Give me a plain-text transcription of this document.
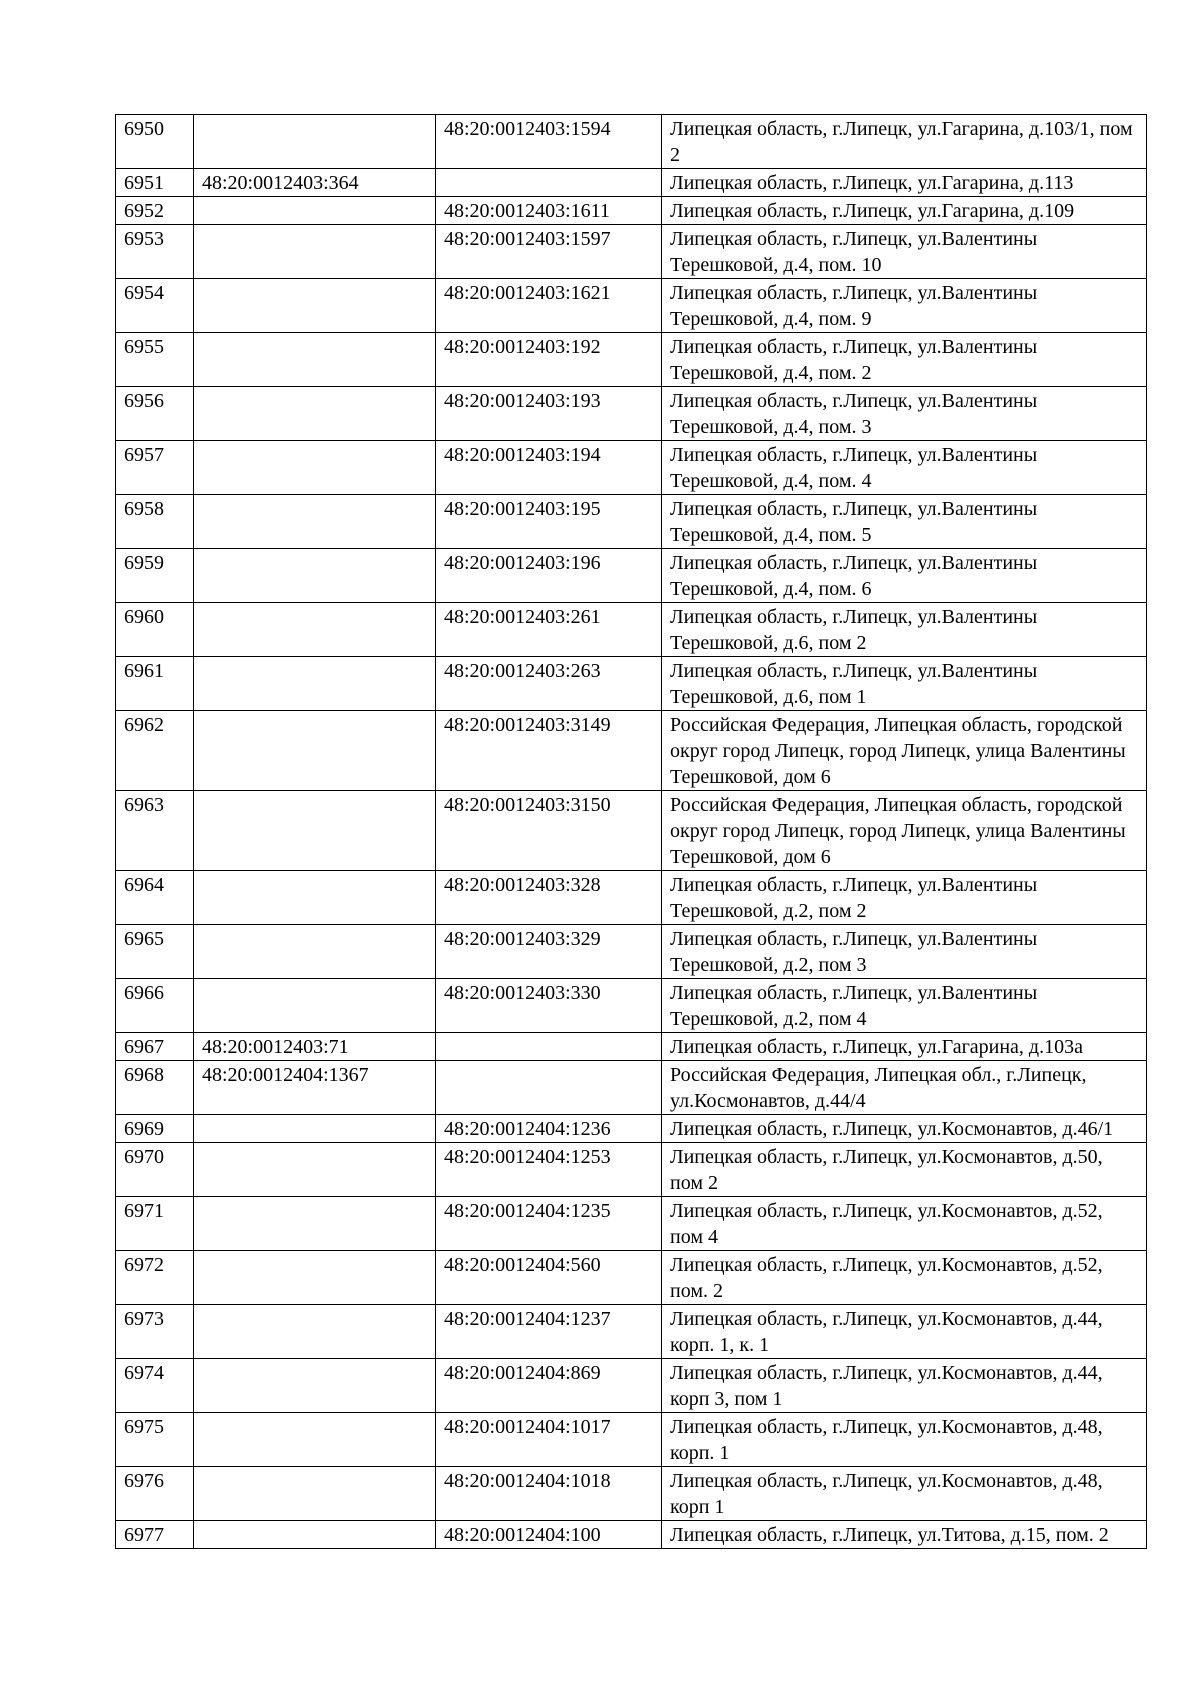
6950		48:20:0012403:1594	Липецкая область, г.Липецк, ул.Гагарина, д.103/1, пом 2
6951	48:20:0012403:364		Липецкая область, г.Липецк, ул.Гагарина, д.113
6952		48:20:0012403:1611	Липецкая область, г.Липецк, ул.Гагарина, д.109
6953		48:20:0012403:1597	Липецкая область, г.Липецк, ул.Валентины Терешковой, д.4, пом. 10
6954		48:20:0012403:1621	Липецкая область, г.Липецк, ул.Валентины Терешковой, д.4, пом. 9
6955		48:20:0012403:192	Липецкая область, г.Липецк, ул.Валентины Терешковой, д.4, пом. 2
6956		48:20:0012403:193	Липецкая область, г.Липецк, ул.Валентины Терешковой, д.4, пом. 3
6957		48:20:0012403:194	Липецкая область, г.Липецк, ул.Валентины Терешковой, д.4, пом. 4
6958		48:20:0012403:195	Липецкая область, г.Липецк, ул.Валентины Терешковой, д.4, пом. 5
6959		48:20:0012403:196	Липецкая область, г.Липецк, ул.Валентины Терешковой, д.4, пом. 6
6960		48:20:0012403:261	Липецкая область, г.Липецк, ул.Валентины Терешковой, д.6, пом 2
6961		48:20:0012403:263	Липецкая область, г.Липецк, ул.Валентины Терешковой, д.6, пом 1
6962		48:20:0012403:3149	Российская Федерация, Липецкая область, городской округ город Липецк, город Липецк, улица Валентины Терешковой, дом 6
6963		48:20:0012403:3150	Российская Федерация, Липецкая область, городской округ город Липецк, город Липецк, улица Валентины Терешковой, дом 6
6964		48:20:0012403:328	Липецкая область, г.Липецк, ул.Валентины Терешковой, д.2, пом 2
6965		48:20:0012403:329	Липецкая область, г.Липецк, ул.Валентины Терешковой, д.2, пом 3
6966		48:20:0012403:330	Липецкая область, г.Липецк, ул.Валентины Терешковой, д.2, пом 4
6967	48:20:0012403:71		Липецкая область, г.Липецк, ул.Гагарина, д.103а
6968	48:20:0012404:1367		Российская Федерация, Липецкая обл., г.Липецк, ул.Космонавтов, д.44/4
6969		48:20:0012404:1236	Липецкая область, г.Липецк, ул.Космонавтов, д.46/1
6970		48:20:0012404:1253	Липецкая область, г.Липецк, ул.Космонавтов, д.50, пом 2
6971		48:20:0012404:1235	Липецкая область, г.Липецк, ул.Космонавтов, д.52, пом 4
6972		48:20:0012404:560	Липецкая область, г.Липецк, ул.Космонавтов, д.52, пом. 2
6973		48:20:0012404:1237	Липецкая область, г.Липецк, ул.Космонавтов, д.44, корп. 1, к. 1
6974		48:20:0012404:869	Липецкая область, г.Липецк, ул.Космонавтов, д.44, корп 3, пом 1
6975		48:20:0012404:1017	Липецкая область, г.Липецк, ул.Космонавтов, д.48, корп. 1
6976		48:20:0012404:1018	Липецкая область, г.Липецк, ул.Космонавтов, д.48, корп 1
6977		48:20:0012404:100	Липецкая область, г.Липецк, ул.Титова, д.15, пом. 2
